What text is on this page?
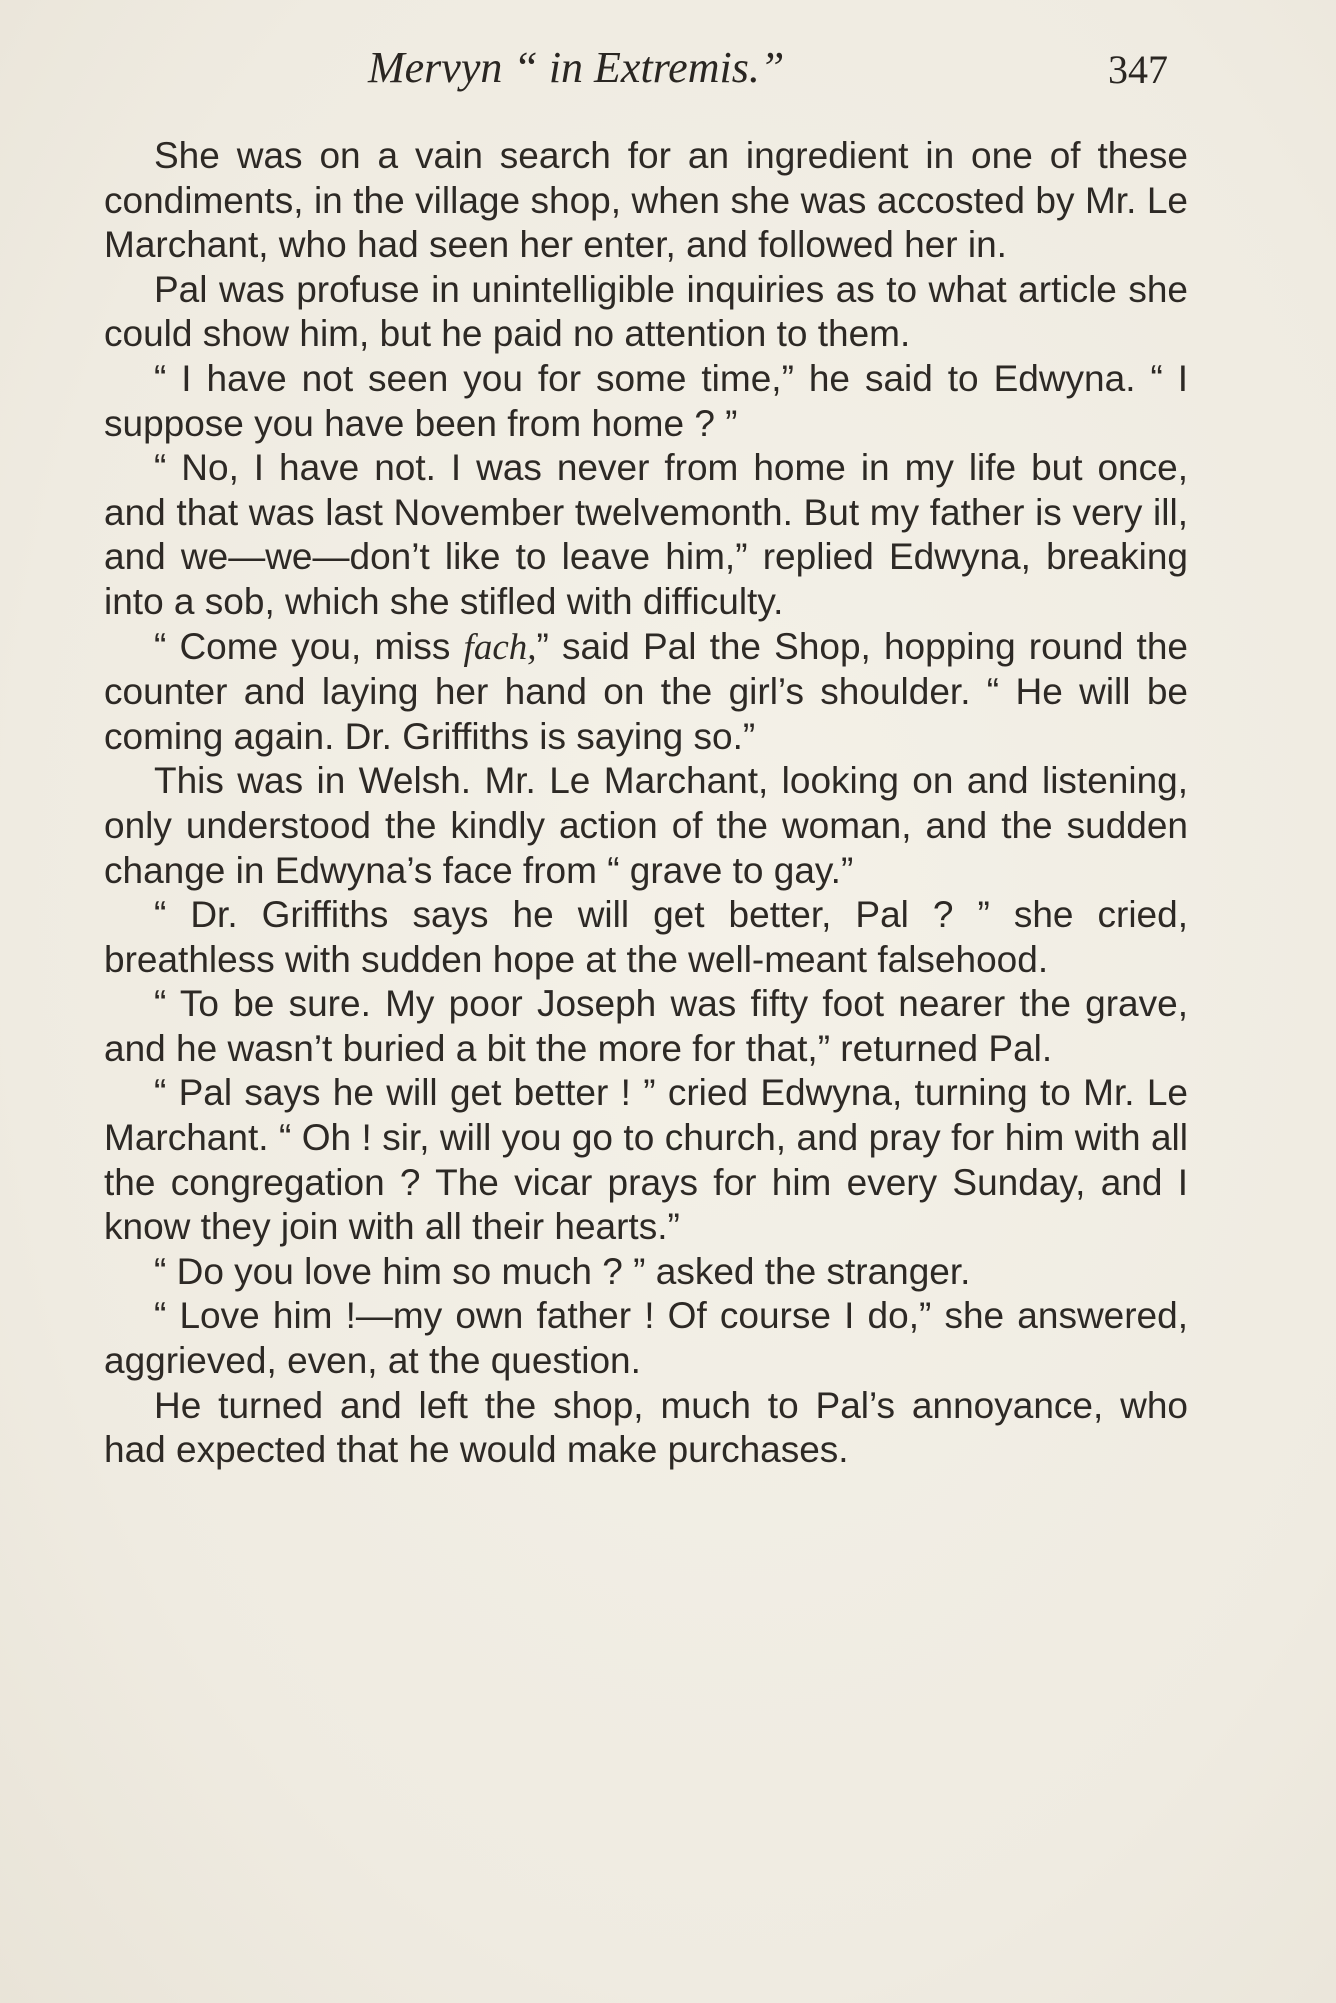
Mervyn “ in Extremis.”	347

She was on a vain search for an ingredient in one of these condiments, in the village shop, when she was accosted by Mr. Le Marchant, who had seen her enter, and followed her in.

Pal was profuse in unintelligible inquiries as to what article she could show him, but he paid no attention to them.

“ I have not seen you for some time,” he said to Edwyna. “ I suppose you have been from home ? ”

“ No, I have not. I was never from home in my life but once, and that was last November twelvemonth. But my father is very ill, and we—we—don’t like to leave him,” replied Edwyna, breaking into a sob, which she stifled with difficulty.

“ Come you, miss fach,” said Pal the Shop, hopping round the counter and laying her hand on the girl’s shoulder. “ He will be coming again. Dr. Griffiths is saying so.”

This was in Welsh. Mr. Le Marchant, looking on and listening, only understood the kindly action of the woman, and the sudden change in Edwyna’s face from “ grave to gay.”

“ Dr. Griffiths says he will get better, Pal ? ” she cried, breathless with sudden hope at the well-meant falsehood.

“ To be sure. My poor Joseph was fifty foot nearer the grave, and he wasn’t buried a bit the more for that,” returned Pal.

“ Pal says he will get better ! ” cried Edwyna, turning to Mr. Le Marchant. “ Oh ! sir, will you go to church, and pray for him with all the congregation ? The vicar prays for him every Sunday, and I know they join with all their hearts.”

“ Do you love him so much ? ” asked the stranger.

“ Love him !—my own father ! Of course I do,” she answered, aggrieved, even, at the question.

He turned and left the shop, much to Pal’s annoyance, who had expected that he would make purchases.
